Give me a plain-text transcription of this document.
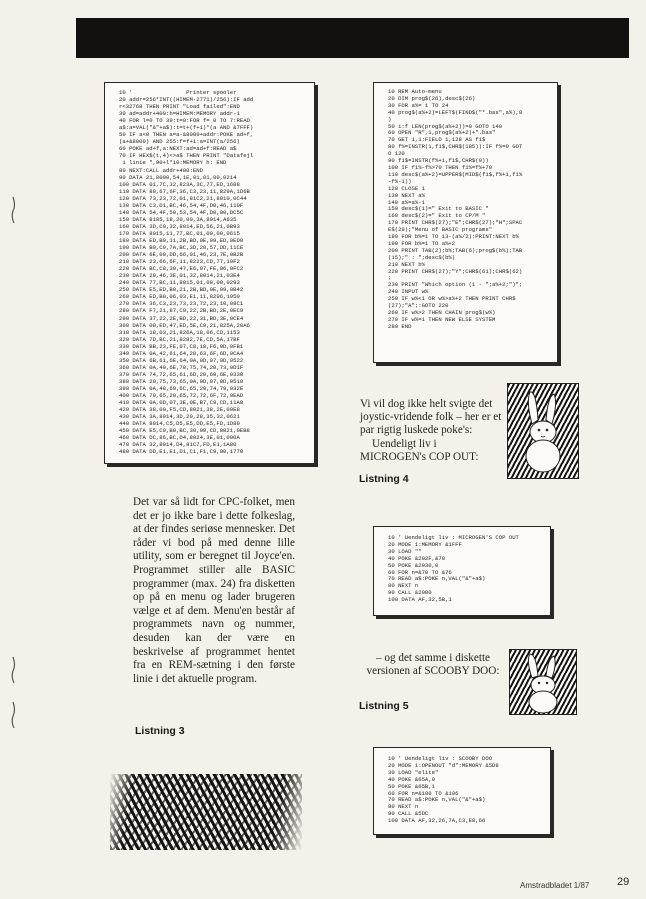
10 '                Printer spooler
20 addr=256*INT((HIMEM-2771)/256):IF add
r<32768 THEN PRINT "Load failed":END
30 ad=addr+400:h=HIMEM:MEMORY addr-1
40 FOR l=0 TO 39:t=0:FOR f= 0 TO 7:READ
a$:a=VAL("&"+a$):t=t+(f+1)*(a AND &7FFF)
50 IF a<0 THEN a=a-&8000+addr:POKE ad+f,
(a+&8000) AND 255:f=f+1:a=INT(a/256)
60 POKE ad+f,a:NEXT:ad=ad+f:READ a$
70 IF HEX$(t,4)<>a$ THEN PRINT "Datafejl
i linie ",90+l*10:MEMORY h: END
80 NEXT:CALL addr+400:END
90 DATA 21,8000,54,1E,01,01,00,0214
100 DATA 01,7C,32,823A,3C,77,ED,1688
110 DATA 80,67,6F,36,C3,23,11,829A,1D6B
120 DATA 73,23,72,01,81C2,21,8010,0C44
130 DATA C3,D1,BC,46,54,4F,D0,46,110F
140 DATA 54,4F,50,53,54,4F,D0,00,DC5C
150 DATA 8185,18,20,00,3A,8014,A635
160 DATA 3D,C0,32,8014,ED,56,21,0B93
170 DATA 8015,11,77,BC,01,09,00,0615
180 DATA ED,B0,11,2B,BD,0E,09,ED,0ED8
190 DATA B0,C9,7A,BC,3D,20,57,DD,11CE
200 DATA 6E,00,DD,66,01,46,23,7E,0B2B
210 DATA 23,66,6F,11,8223,CD,77,19F2
220 DATA BC,C8,30,47,E6,07,FE,06,0FC2
230 DATA 20,46,3E,01,32,8014,21,03E4
240 DATA 77,BC,11,8015,01,09,00,0293
250 DATA E5,ED,B0,21,2B,BD,0E,09,0B42
260 DATA ED,B0,06,03,E1,11,8296,1950
270 DATA 36,C3,23,73,23,72,23,10,08C1
280 DATA F7,21,87,C9,22,2B,BD,2E,0EC9
290 DATA 37,22,2E,BD,22,31,BD,3E,0CE4
300 DATA 00,ED,47,ED,5E,C9,21,825A,20A6
310 DATA 18,03,21,826A,18,06,CD,1153
320 DATA 7D,BC,21,8282,7E,CD,5A,17BF
330 DATA BB,23,FE,07,C8,18,F6,0D,0FB1
340 DATA 0A,42,61,64,20,63,6F,6D,0CA4
350 DATA 6B,61,6E,64,0A,0D,07,0D,0522
360 DATA 0A,49,6E,70,75,74,20,73,0D1F
370 DATA 74,72,65,61,6D,20,69,6E,0338
380 DATA 20,75,73,65,0A,0D,07,0D,0510
390 DATA 0A,48,69,6C,65,20,74,79,032E
400 DATA 70,65,20,65,72,72,6F,72,0EAD
410 DATA 0A,0D,07,3E,0E,B7,C9,CD,11A8
420 DATA 38,00,F5,CD,8021,38,2E,09E8
430 DATA 3A,8014,3D,20,28,35,32,0621
440 DATA 8014,C5,D5,E5,DD,E5,FD,1D89
450 DATA E5,C9,B0,BC,30,09,CD,8021,0EB8
460 DATA DC,86,BC,D4,8024,3E,01,090A
470 DATA 32,8014,D4,81C7,FD,E1,1A80
480 DATA DD,E1,E1,D1,C1,F1,C9,00,1770
10 REM Auto-menu
20 DIM prog$(26),desc$(26)
30 FOR a%= 1 TO 24
40 prog$(a%+2)=LEFT$(FIND$("*.bas",a%),8
)
50 i:f LEN(prog$(a%+2))=0 GOTO 140
60 OPEN "R",1,prog$(a%+2)+".bas"
70 GET 1,1:FIELD 1,128 AS f1$
80 f%=INSTR(1,f1$,CHR$(185)):IF f%=0 GOT
O 120
90 f1$=INSTR(f%+1,f1$,CHR$(0))
100 IF f1%-f%>70 THEN f1%=f%+70
110 desc$(a%+2)=UPPER$(MID$(f1$,f%+1,f1%
-f%-1))
120 CLOSE 1
130 NEXT a%
140 a%=a%-1
150 desc$(1)=" Exit to BASIC "
160 desc$(2)=" Exit to CP/M "
170 PRINT CHR$(27);"E";CHR$(27);"H";SPAC
E$(29);"Menu of BASIC programs"
180 FOR b%=1 TO 13-(a%/2):PRINT:NEXT b%
190 FOR b%=1 TO a%+2
200 PRINT TAB(2);b%;TAB(6);prog$(b%);TAB
(15);" : ";desc$(b%)
210 NEXT b%
220 PRINT CHR$(27);"Y";CHR$(61);CHR$(62)
;
230 PRINT "Which option (1 - ";a%+2;")";
240 INPUT w%
250 IF w%<1 OR w%>a%+2 THEN PRINT CHR$
(27);"A";:GOTO 220
260 IF w%>2 THEN CHAIN prog$(w%)
270 IF w%=1 THEN NEW ELSE SYSTEM
280 END
10 ' Uendeligt liv : MICROGEN'S COP OUT
20 MODE 1:MEMORY &1FFF
30 LOAD ""
40 POKE &202F,&70
50 POKE &2030,0
60 FOR n=&70 TO &76
70 READ a$:POKE n,VAL("&"+a$)
80 NEXT n
90 CALL &2000
100 DATA AF,32,5B,1
10 ' Uendeligt liv : SCOOBY DOO
20 MODE 1:OPENOUT "d":MEMORY &5D8
30 LOAD "elite"
40 POKE &65A,0
50 POKE &65B,1
60 FOR n=&100 TO &106
70 READ a$:POKE n,VAL("&"+a$)
80 NEXT n
90 CALL &5DC
100 DATA AF,32,26,7A,C3,E8,66
Det var så lidt for CPC-folket, men det er jo ikke bare i dette folkeslag, at der findes seriøse mennesker. Det råder vi bod på med denne lille utility, som er beregnet til Joyce'en. Programmet stiller alle BASIC programmer (max. 24) fra disketten op på en menu og lader brugeren vælge et af dem. Menu'en består af programmets navn og nummer, desuden kan der være en beskrivelse af programmet hentet fra en REM-sætning i den første linie i det aktuelle program.
Listning 3
Listning 4
Listning 5
Vi vil dog ikke helt svigte det joystic-vridende folk – her er et par rigtig luskede poke's:
Uendeligt liv i MICROGEN's COP OUT:
– og det samme i diskette versionen af SCOOBY DOO:
Amstradbladet 1/87	29
